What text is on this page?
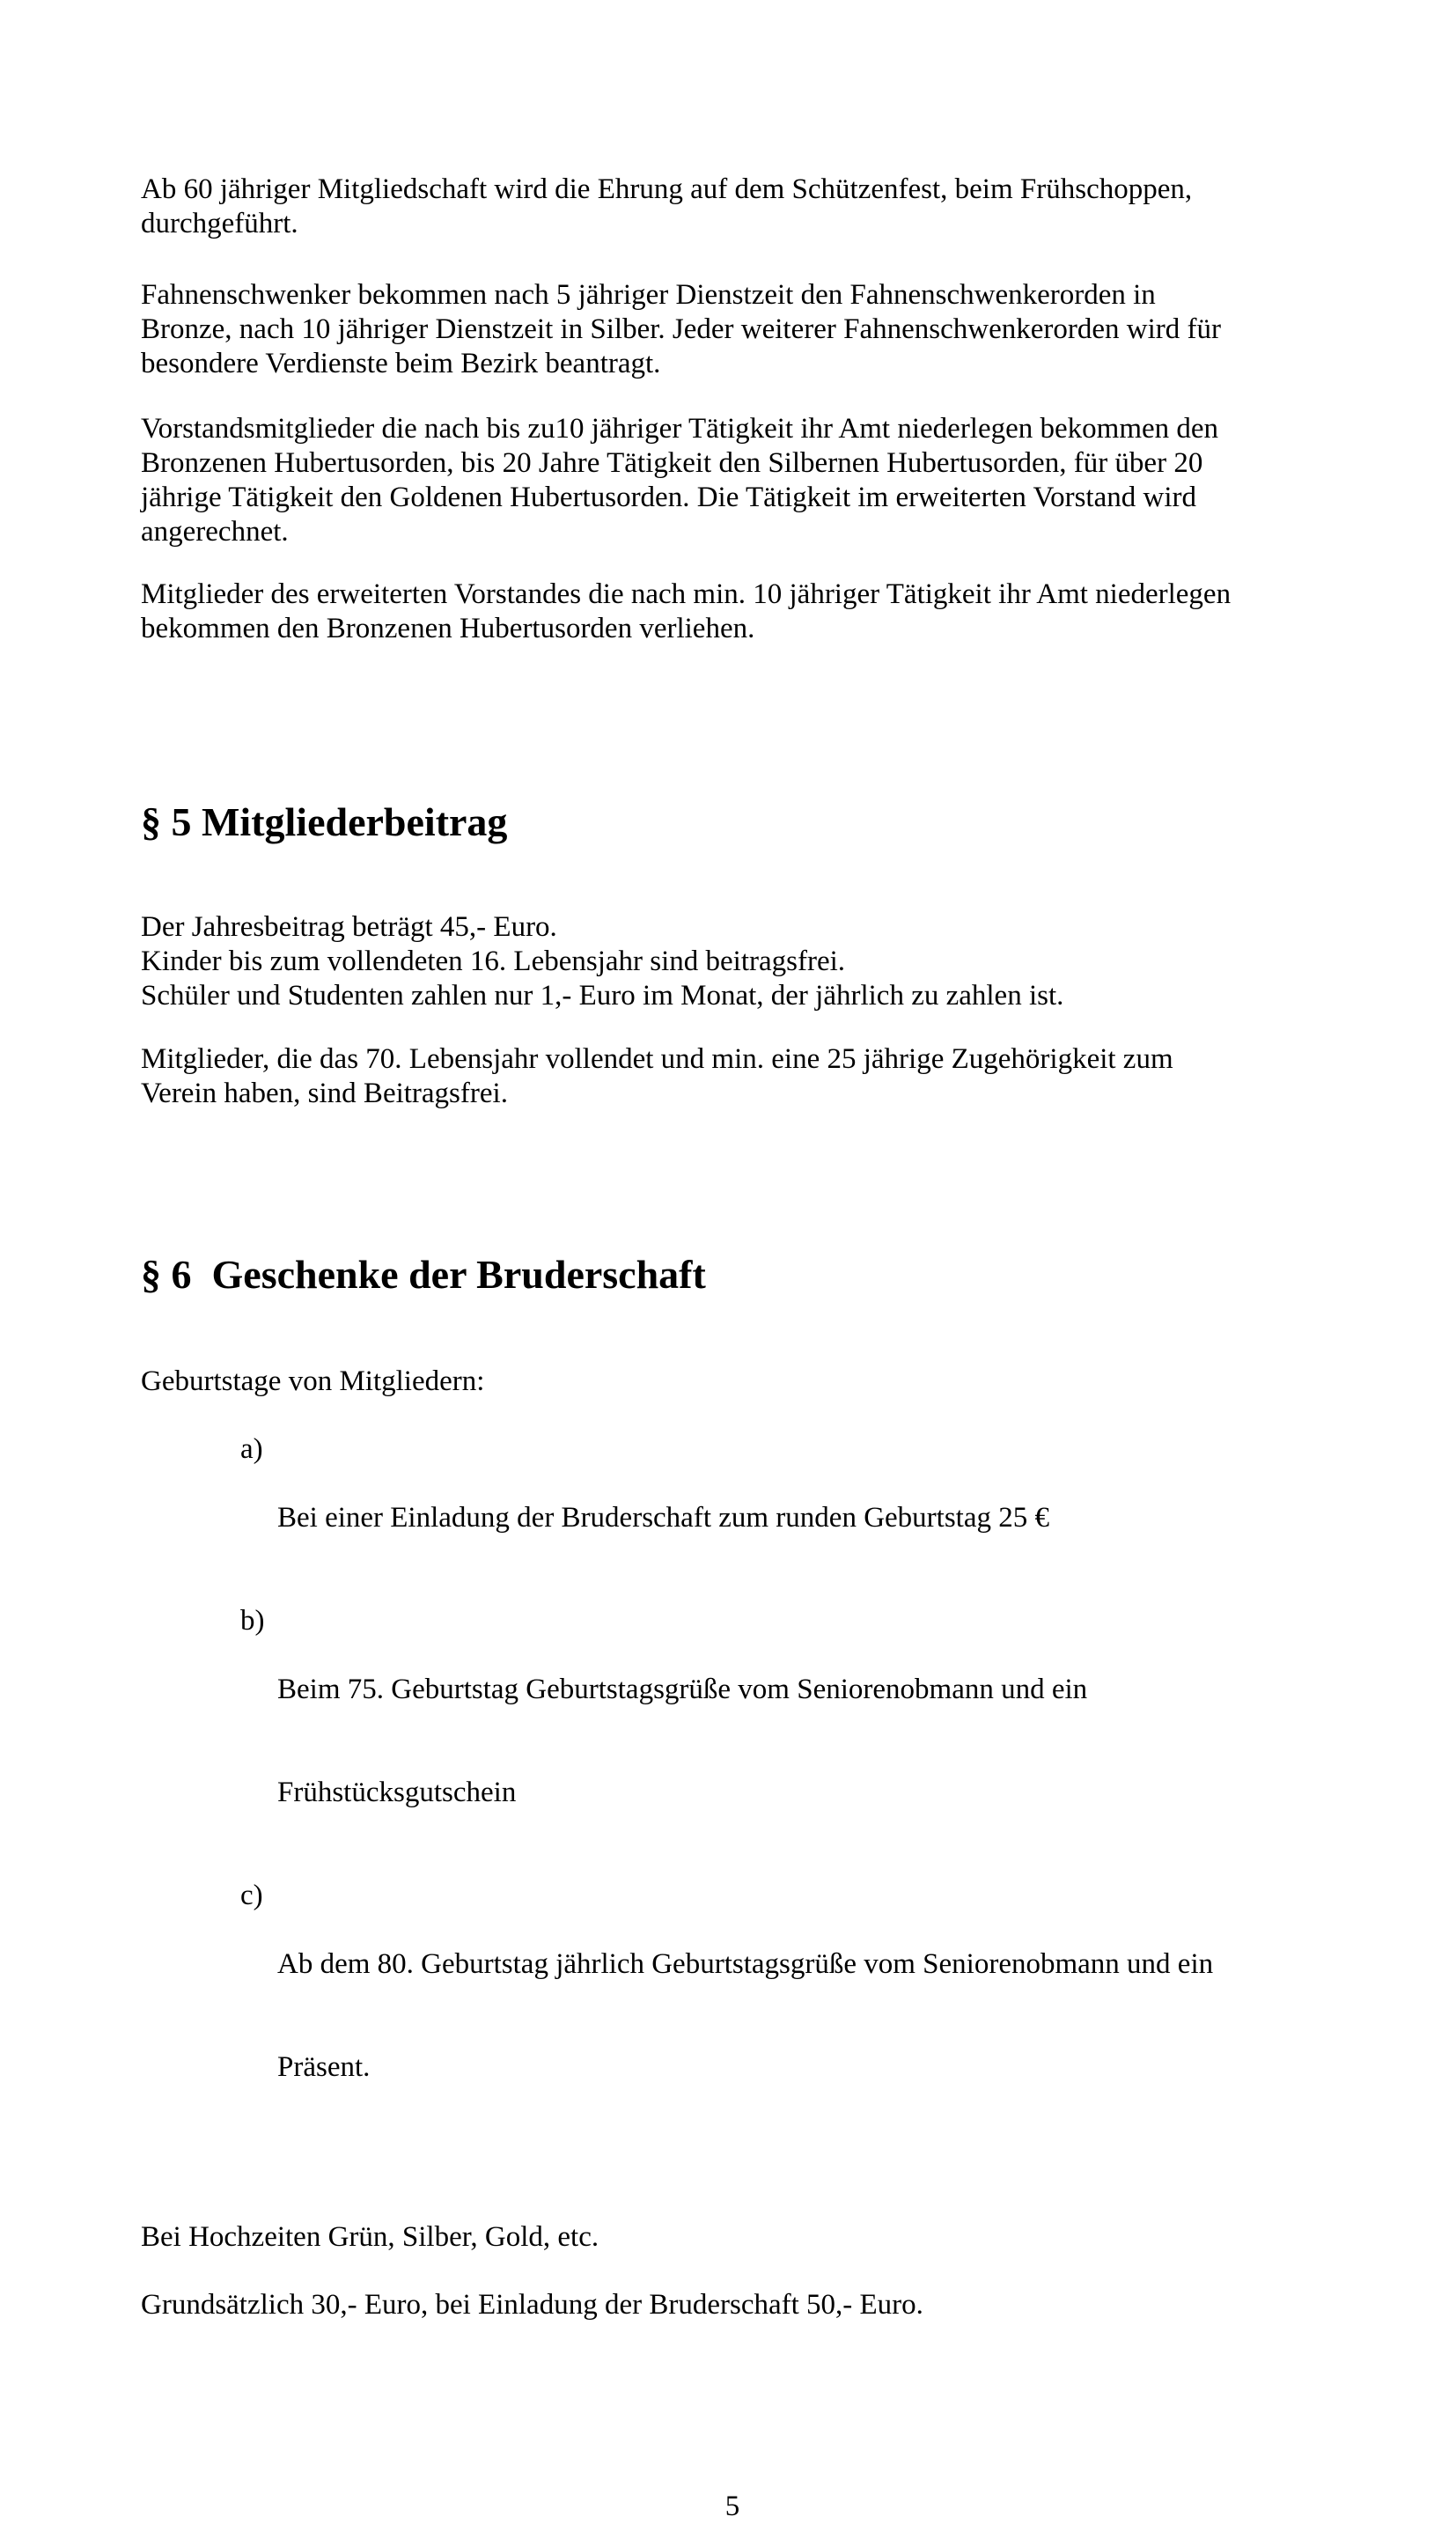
Ab 60 jähriger Mitgliedschaft wird die Ehrung auf dem Schützenfest, beim Frühschoppen,
durchgeführt.
Fahnenschwenker bekommen nach 5 jähriger Dienstzeit den Fahnenschwenkerorden in
Bronze, nach 10 jähriger Dienstzeit in Silber. Jeder weiterer Fahnenschwenkerorden wird für
besondere Verdienste beim Bezirk beantragt.
Vorstandsmitglieder die nach bis zu10 jähriger Tätigkeit ihr Amt niederlegen bekommen den
Bronzenen Hubertusorden, bis 20 Jahre Tätigkeit den Silbernen Hubertusorden, für über 20
jährige Tätigkeit den Goldenen Hubertusorden. Die Tätigkeit im erweiterten Vorstand wird
angerechnet.
Mitglieder des erweiterten Vorstandes die nach min. 10 jähriger Tätigkeit ihr Amt niederlegen
bekommen den Bronzenen Hubertusorden verliehen.
§ 5 Mitgliederbeitrag
Der Jahresbeitrag beträgt 45,- Euro.
Kinder bis zum vollendeten 16. Lebensjahr sind beitragsfrei.
Schüler und Studenten zahlen nur 1,- Euro im Monat, der jährlich zu zahlen ist.
Mitglieder, die das 70. Lebensjahr vollendet und min. eine 25 jährige Zugehörigkeit zum
Verein haben, sind Beitragsfrei.
§ 6  Geschenke der Bruderschaft
Geburtstage von Mitgliedern:
a)

Bei einer Einladung der Bruderschaft zum runden Geburtstag 25 €

b)

Beim 75. Geburtstag Geburtstagsgrüße vom Seniorenobmann und ein

Frühstücksgutschein

c)

Ab dem 80. Geburtstag jährlich Geburtstagsgrüße vom Seniorenobmann und ein

Präsent.

Bei Hochzeiten Grün, Silber, Gold, etc.
Grundsätzlich 30,- Euro, bei Einladung der Bruderschaft 50,- Euro.
5
